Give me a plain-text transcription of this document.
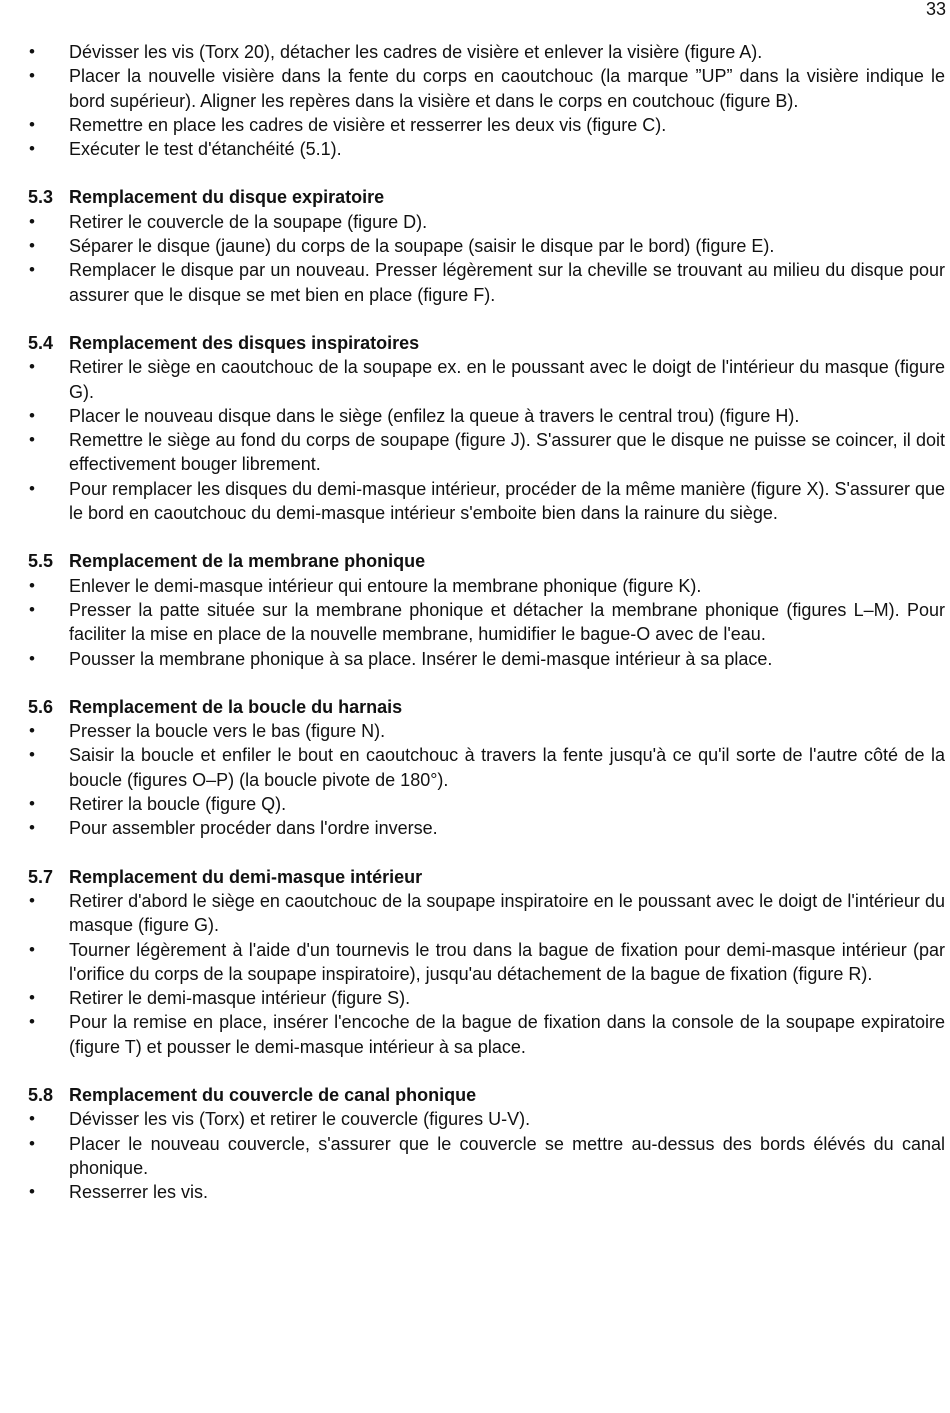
33
• Dévisser les vis (Torx 20), détacher les cadres de visière et enlever la visière (figure A).
• Placer la nouvelle visière dans la fente du corps en caoutchouc (la marque ”UP” dans la visière indique le bord supérieur). Aligner les repères dans la visière et dans le corps en coutchouc (figure B).
• Remettre en place les cadres de visière et resserrer les deux vis (figure C).
• Exécuter le test d'étanchéité (5.1).
5.3 Remplacement du disque expiratoire
• Retirer le couvercle de la soupape (figure D).
• Séparer le disque (jaune) du corps de la soupape (saisir le disque par le bord) (figure E).
• Remplacer le disque par un nouveau. Presser légèrement sur la cheville se trouvant au milieu du disque pour assurer que le disque se met bien en place (figure F).
5.4 Remplacement des disques inspiratoires
• Retirer le siège en caoutchouc de la soupape ex. en le poussant avec le doigt de l'intérieur du masque (figure G).
• Placer le nouveau disque dans le siège (enfilez la queue à travers le central trou) (figure H).
• Remettre le siège au fond du corps de soupape (figure J). S'assurer que le disque ne puisse se coincer, il doit effectivement bouger librement.
• Pour remplacer les disques du demi-masque intérieur, procéder de la même manière (figure X). S'assurer que le bord en caoutchouc du demi-masque intérieur s'emboite bien dans la rainure du siège.
5.5 Remplacement de la membrane phonique
• Enlever le demi-masque intérieur qui entoure la membrane phonique (figure K).
• Presser la patte située sur la membrane phonique et détacher la membrane phonique (figures L–M). Pour faciliter la mise en place de la nouvelle membrane, humidifier le bague-O avec de l'eau.
• Pousser la membrane phonique à sa place. Insérer le demi-masque intérieur à sa place.
5.6 Remplacement de la boucle du harnais
• Presser la boucle vers le bas (figure N).
• Saisir la boucle et enfiler le bout en caoutchouc à travers la fente jusqu'à ce qu'il sorte de l'autre côté de la boucle (figures O–P) (la boucle pivote de 180°).
• Retirer la boucle (figure Q).
• Pour assembler procéder dans l'ordre inverse.
5.7 Remplacement du demi-masque intérieur
• Retirer d'abord le siège en caoutchouc de la soupape inspiratoire en le poussant avec le doigt de l'intérieur du masque (figure G).
• Tourner légèrement à l'aide d'un tournevis le trou dans la bague de fixation pour demi-masque intérieur (par l'orifice du corps de la soupape inspiratoire), jusqu'au détachement de la bague de fixation (figure R).
• Retirer le demi-masque intérieur (figure S).
• Pour la remise en place, insérer l'encoche de la bague de fixation dans la console de la soupape expiratoire (figure T) et pousser le demi-masque intérieur à sa place.
5.8 Remplacement du couvercle de canal phonique
• Dévisser les vis (Torx) et retirer le couvercle (figures U-V).
• Placer le nouveau couvercle, s'assurer que le couvercle se mettre au-dessus des bords élévés du canal phonique.
• Resserrer les vis.
